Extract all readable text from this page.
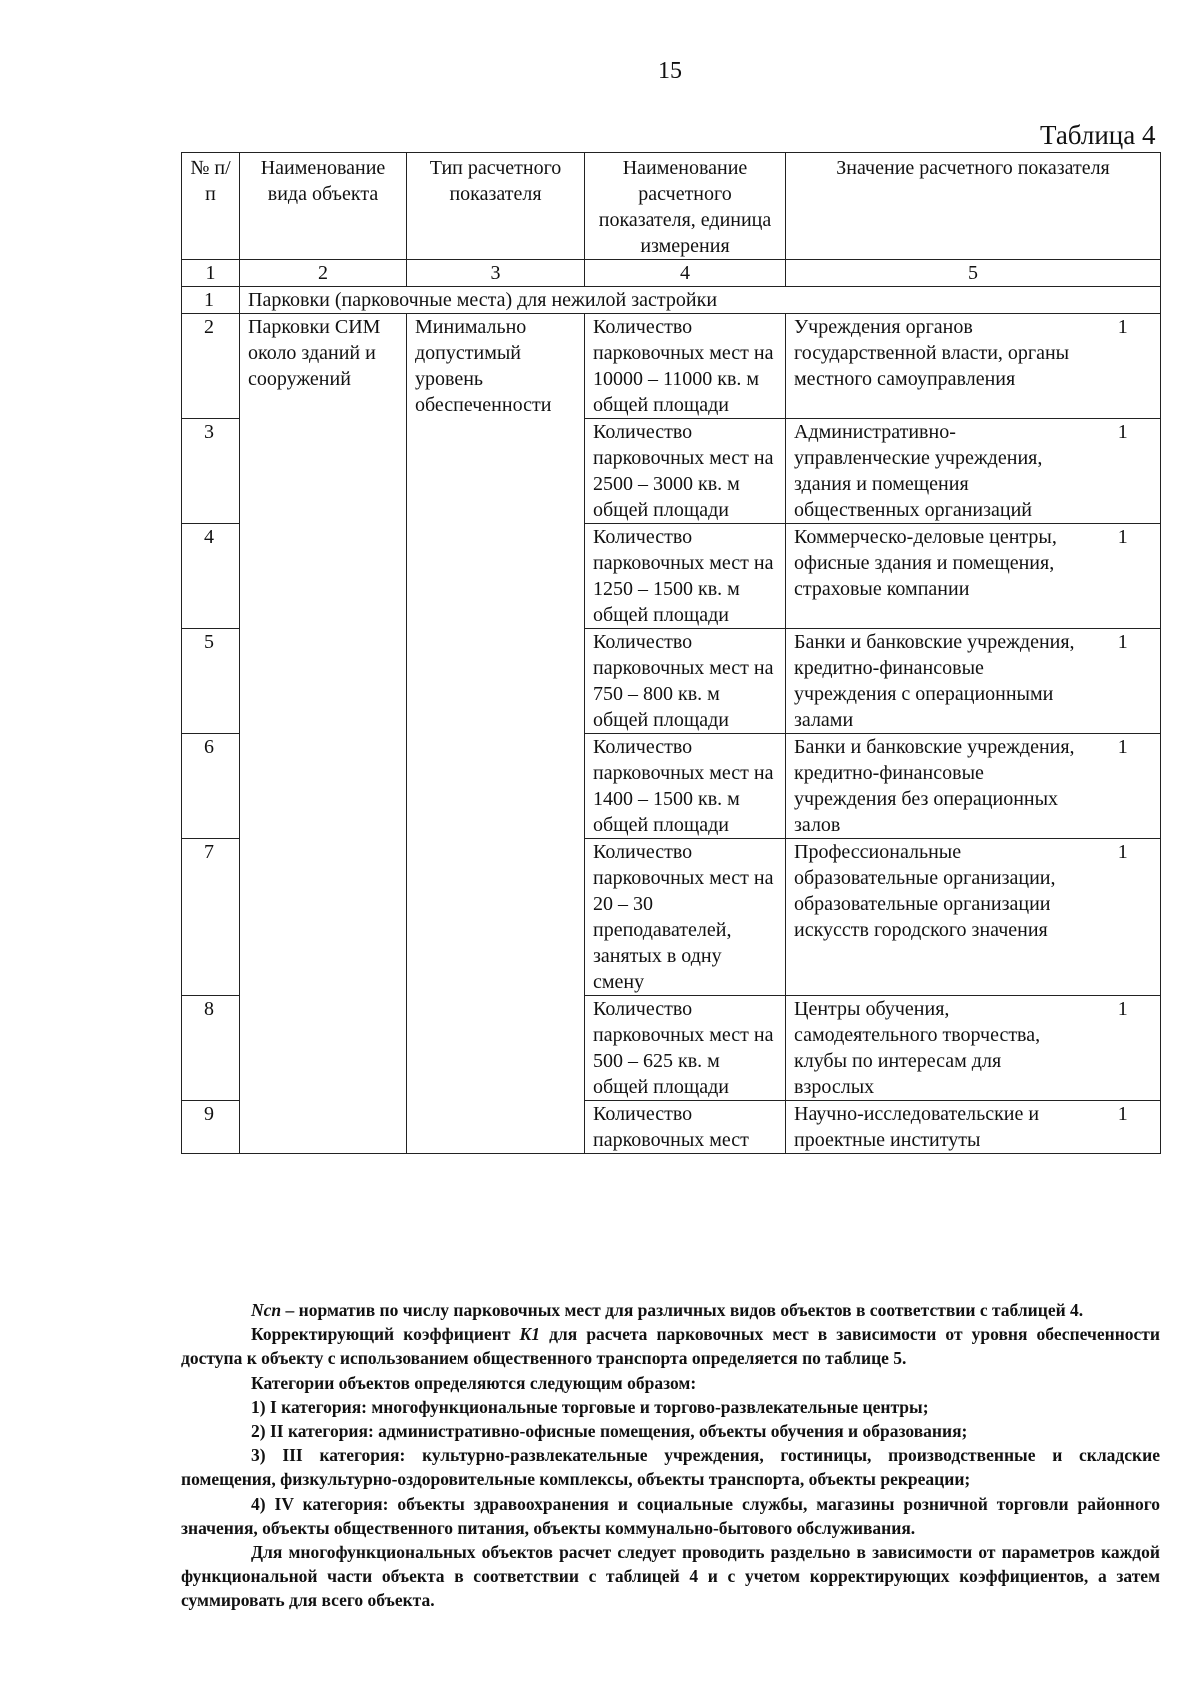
15
Таблица 4
№ п/п	Наименование вида объекта	Тип расчетного показателя	Наименование расчетного показателя, единица измерения	Значение расчетного показателя	
1	2	3	4	5	
1	Парковки (парковочные места) для нежилой застройки				
2	Парковки СИМ около зданий и сооружений	Минимально допустимый уровень обеспеченности	Количество парковочных мест на 10000 – 11000 кв. м общей площади	Учреждения органов государственной власти, органы местного самоуправления	1
3			Количество парковочных мест на 2500 – 3000 кв. м общей площади	Административно-управленческие учреждения, здания и помещения общественных организаций	1
4			Количество парковочных мест на 1250 – 1500 кв. м общей площади	Коммерческо-деловые центры, офисные здания и помещения, страховые компании	1
5			Количество парковочных мест на 750 – 800 кв. м общей площади	Банки и банковские учреждения, кредитно-финансовые учреждения с операционными залами	1
6			Количество парковочных мест на 1400 – 1500 кв. м общей площади	Банки и банковские учреждения, кредитно-финансовые учреждения без операционных залов	1
7			Количество парковочных мест на 20 – 30 преподавателей, занятых в одну смену	Профессиональные образовательные организации, образовательные организации искусств городского значения	1
8			Количество парковочных мест на 500 – 625 кв. м общей площади	Центры обучения, самодеятельного творчества, клубы по интересам для взрослых	1
9			Количество парковочных мест	Научно-исследовательские и проектные институты	1

Nсп – норматив по числу парковочных мест для различных видов объектов в соответствии с таблицей 4.

Корректирующий коэффициент K1 для расчета парковочных мест в зависимости от уровня обеспеченности доступа к объекту с использованием общественного транспорта определяется по таблице 5.

Категории объектов определяются следующим образом:

1) I категория: многофункциональные торговые и торгово-развлекательные центры;

2) II категория: административно-офисные помещения, объекты обучения и образования;

3) III категория: культурно-развлекательные учреждения, гостиницы, производственные и складские помещения, физкультурно-оздоровительные комплексы, объекты транспорта, объекты рекреации;

4) IV категория: объекты здравоохранения и социальные службы, магазины розничной торговли районного значения, объекты общественного питания, объекты коммунально-бытового обслуживания.

Для многофункциональных объектов расчет следует проводить раздельно в зависимости от параметров каждой функциональной части объекта в соответствии с таблицей 4 и с учетом корректирующих коэффициентов, а затем суммировать для всего объекта.
